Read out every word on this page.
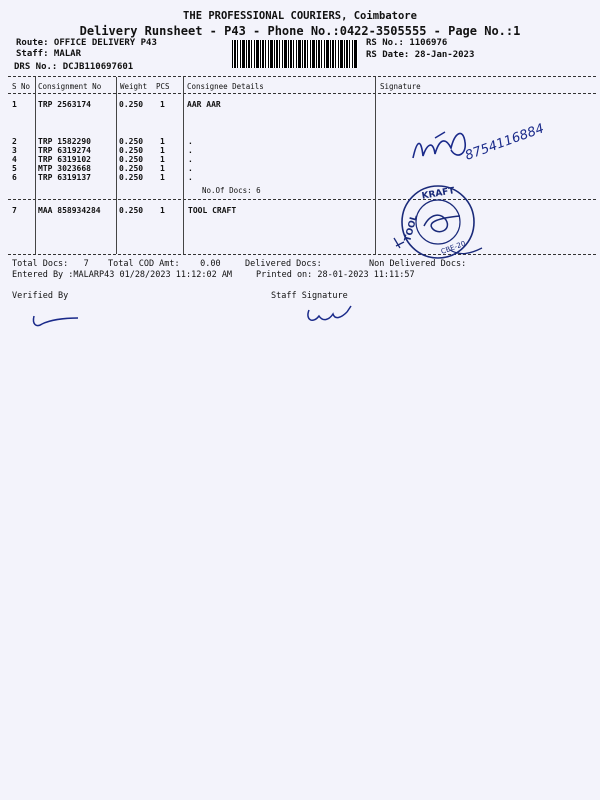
THE PROFESSIONAL COURIERS, Coimbatore
Delivery Runsheet - P43 - Phone No.:0422-3505555 - Page No.:1
Route: OFFICE DELIVERY P43
Staff: MALAR
DRS No.: DCJB110697601
RS No.: 1106976
RS Date: 28-Jan-2023
S No Consignment No	Weight PCS Consignee Details	Signature
1	TRP 2563174	0.250 1	AAR AAR
2	TRP 1582290	0.250 1	.
3	TRP 6319274	0.250 1	.
4	TRP 6319102	0.250 1	.
5	MTP 3023668	0.250 1	.
6	TRP 6319137	0.250 1	.
No.Of Docs: 6
7	MAA 858934284 0.250 1	TOOL CRAFT
8754116884
KRAFT
TOOL
CBE-20
Total Docs:   7 Total COD Amt:    0.00	Delivered Docs:	Non Delivered Docs:
Entered By :MALARP43 01/28/2023 11:12:02 AM	Printed on: 28-01-2023 11:11:57
Verified By	Staff Signature
